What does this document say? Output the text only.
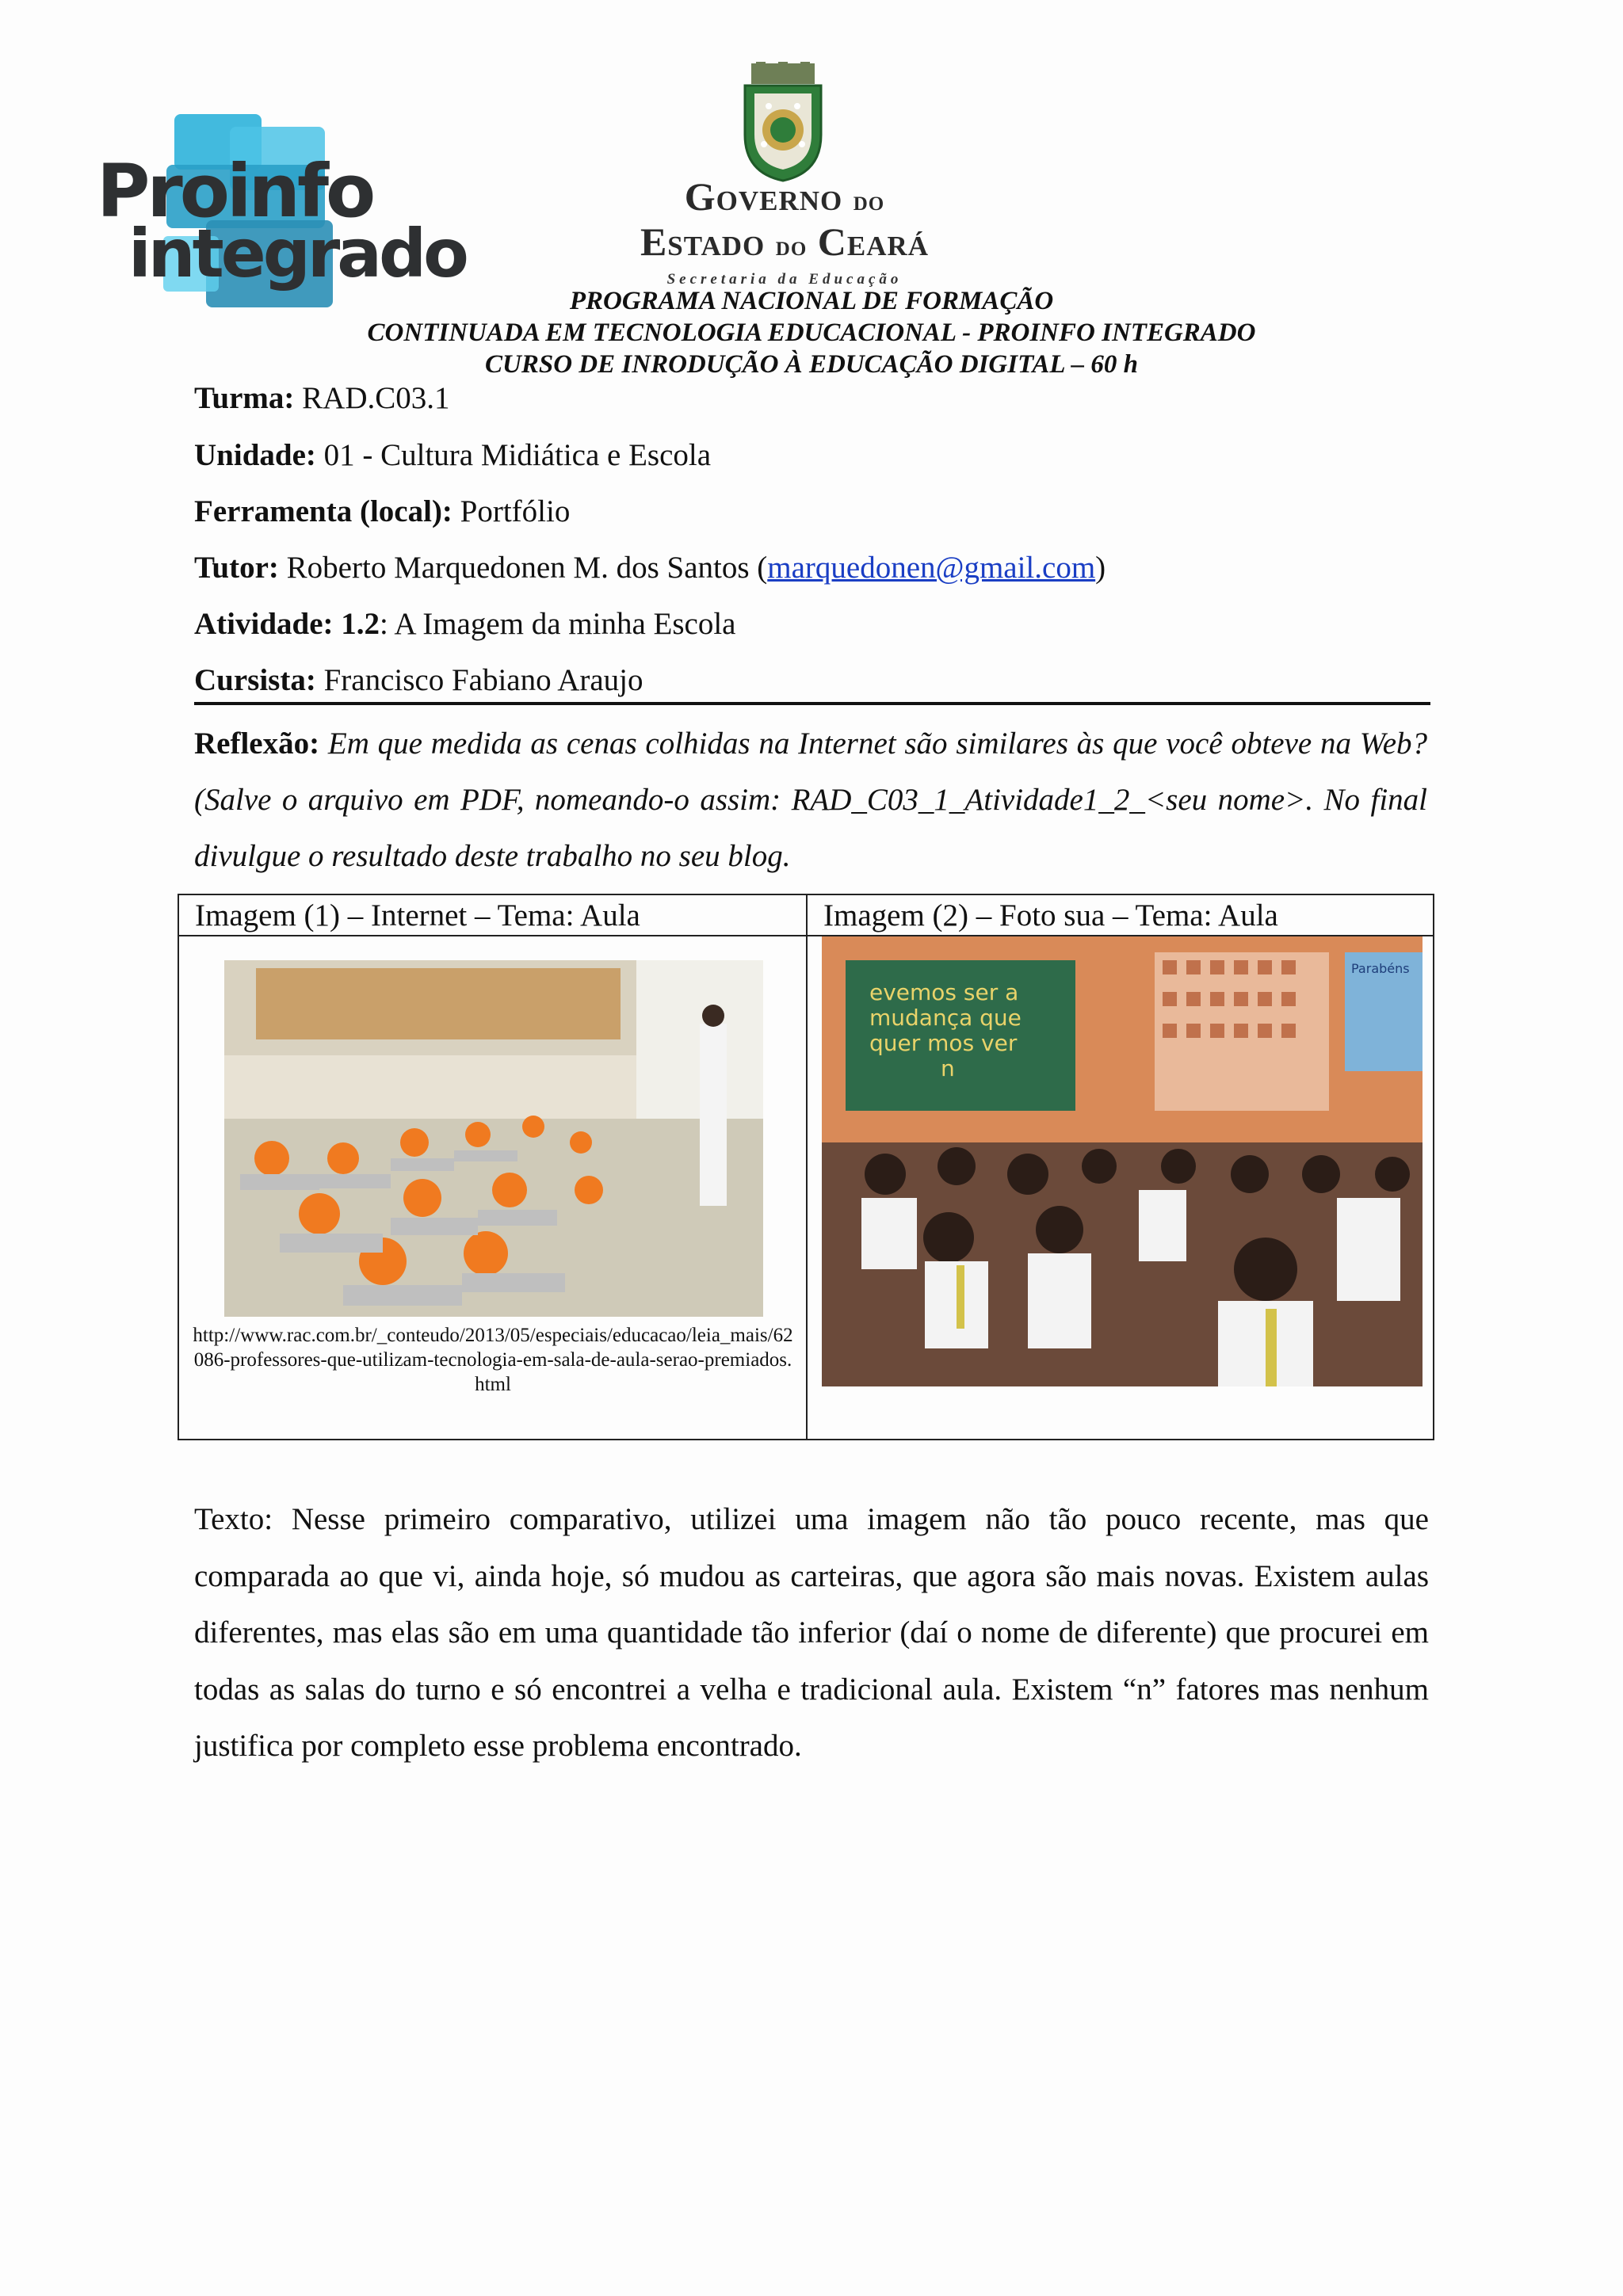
Proinfo
integrado
Governo do
Estado do Ceará
Secretaria da Educação
PROGRAMA NACIONAL DE FORMAÇÃO
CONTINUADA EM TECNOLOGIA EDUCACIONAL - PROINFO INTEGRADO
CURSO DE INRODUÇÃO À EDUCAÇÃO DIGITAL – 60 h
Turma: RAD.C03.1
Unidade: 01 - Cultura Midiática e Escola
Ferramenta (local): Portfólio
Tutor: Roberto Marquedonen M. dos Santos (marquedonen@gmail.com)
Atividade: 1.2: A Imagem da minha Escola
Cursista: Francisco Fabiano Araujo
Reflexão: Em que medida as cenas colhidas na Internet são similares às que você obteve na Web? (Salve o arquivo em PDF, nomeando-o assim: RAD_C03_1_Atividade1_2_<seu nome>. No final divulgue o resultado deste trabalho no seu blog.
Imagem (1) – Internet – Tema: Aula	Imagem (2) – Foto sua – Tema: Aula
http://www.rac.com.br/_conteudo/2013/05/especiais/educacao/leia_mais/62086-professores-que-utilizam-tecnologia-em-sala-de-aula-serao-premiados.html
evemos ser a
mudança que
quer mos ver
n
Parabéns
Texto: Nesse primeiro comparativo, utilizei uma imagem não tão pouco recente, mas que comparada ao que vi, ainda hoje, só mudou as carteiras, que agora são mais novas. Existem aulas diferentes, mas elas são em uma quantidade tão inferior (daí o nome de diferente) que procurei em todas as salas do turno e só encontrei a velha e tradicional aula. Existem “n” fatores mas nenhum justifica por completo esse problema encontrado.
